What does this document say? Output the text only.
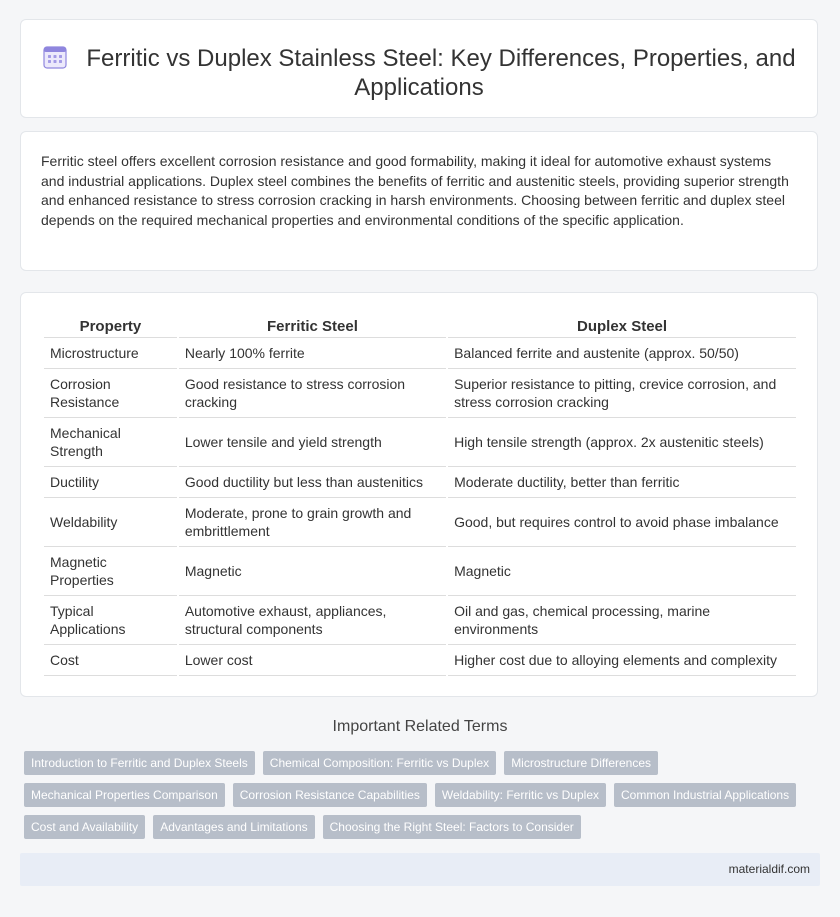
Ferritic vs Duplex Stainless Steel: Key Differences, Properties, and Applications

Ferritic steel offers excellent corrosion resistance and good formability, making it ideal for automotive exhaust systems and industrial applications. Duplex steel combines the benefits of ferritic and austenitic steels, providing superior strength and enhanced resistance to stress corrosion cracking in harsh environments. Choosing between ferritic and duplex steel depends on the required mechanical properties and environmental conditions of the specific application.

Property	Ferritic Steel	Duplex Steel
Microstructure	Nearly 100% ferrite	Balanced ferrite and austenite (approx. 50/50)
Corrosion Resistance	Good resistance to stress corrosion cracking	Superior resistance to pitting, crevice corrosion, and stress corrosion cracking
Mechanical Strength	Lower tensile and yield strength	High tensile strength (approx. 2x austenitic steels)
Ductility	Good ductility but less than austenitics	Moderate ductility, better than ferritic
Weldability	Moderate, prone to grain growth and embrittlement	Good, but requires control to avoid phase imbalance
Magnetic Properties	Magnetic	Magnetic
Typical Applications	Automotive exhaust, appliances, structural components	Oil and gas, chemical processing, marine environments
Cost	Lower cost	Higher cost due to alloying elements and complexity
Important Related Terms
Introduction to Ferritic and Duplex Steels	Chemical Composition: Ferritic vs Duplex	Microstructure Differences
Mechanical Properties Comparison	Corrosion Resistance Capabilities	Weldability: Ferritic vs Duplex	Common Industrial Applications
Cost and Availability	Advantages and Limitations	Choosing the Right Steel: Factors to Consider
materialdif.com
